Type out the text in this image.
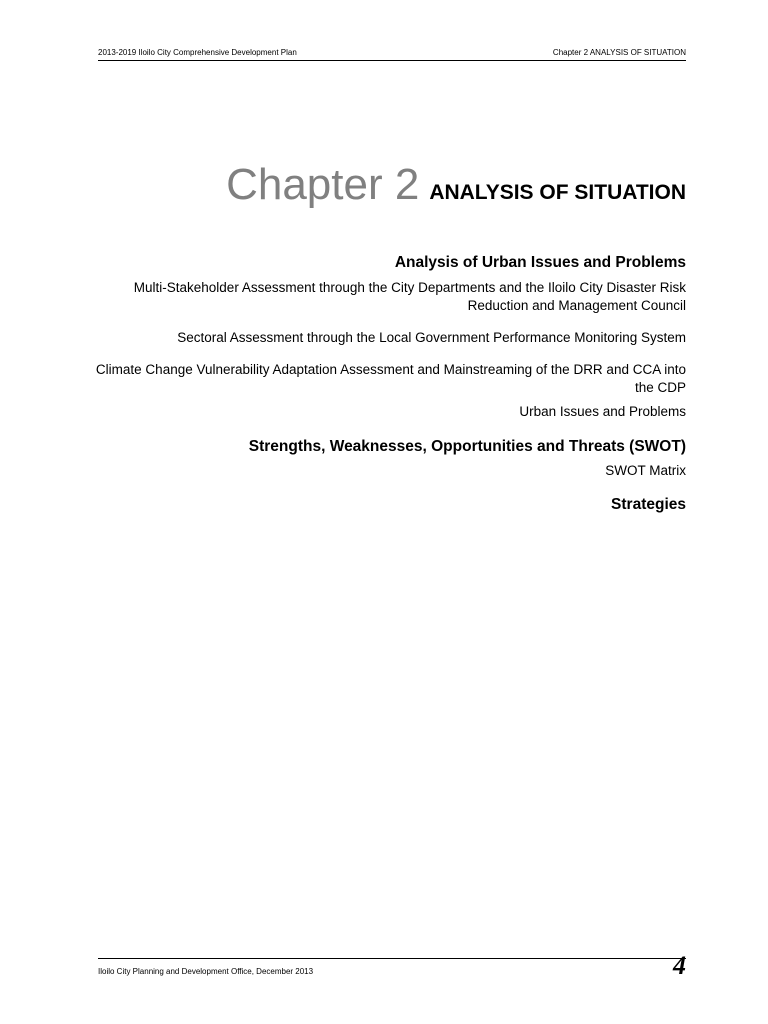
2013-2019 Iloilo City Comprehensive Development Plan	Chapter 2 ANALYSIS OF SITUATION
Chapter 2 ANALYSIS OF SITUATION

Analysis of Urban Issues and Problems

Multi-Stakeholder Assessment through the City Departments and the Iloilo City Disaster Risk Reduction and Management Council

Sectoral Assessment through the Local Government Performance Monitoring System

Climate Change Vulnerability Adaptation Assessment and Mainstreaming of the DRR and CCA into the CDP

Urban Issues and Problems

Strengths, Weaknesses, Opportunities and Threats (SWOT)

SWOT Matrix

Strategies

Iloilo City Planning and Development Office, December 2013	4
